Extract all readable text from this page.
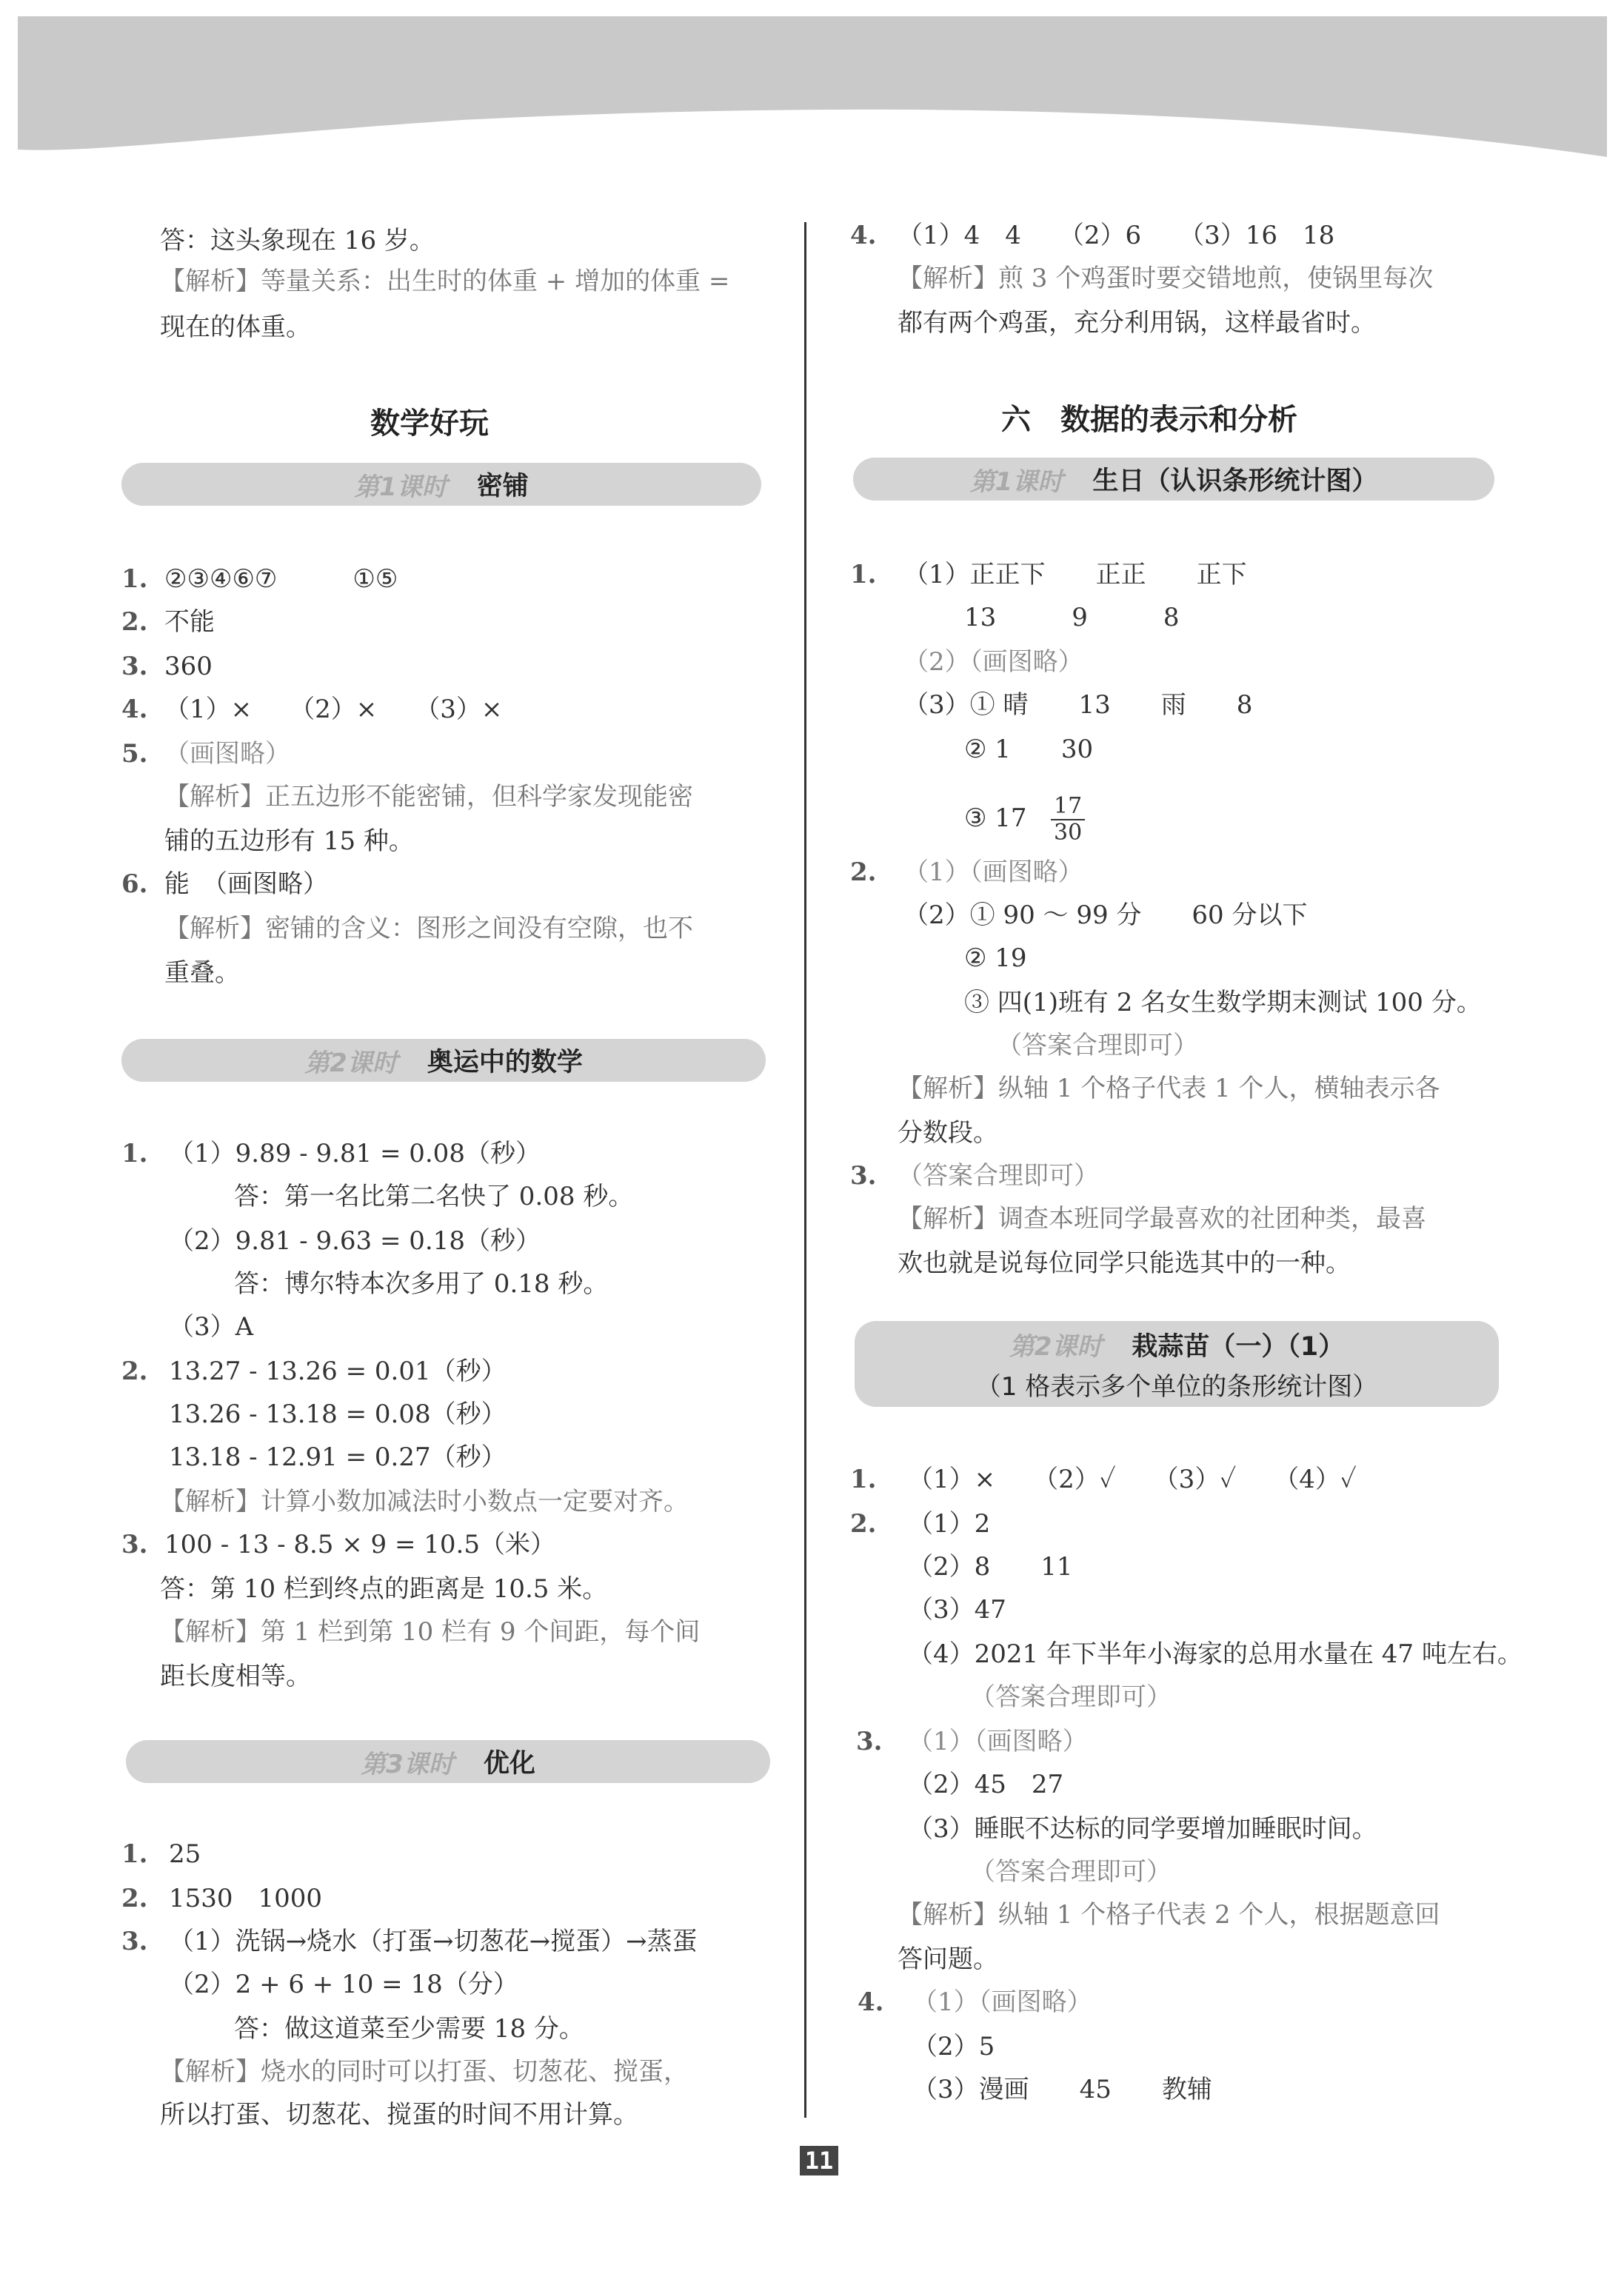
答：这头象现在 16 岁。
【解析】等量关系：出生时的体重 + 增加的体重 =
现在的体重。
数学好玩
第1课时 密铺
1. ②③④⑥⑦　　　①⑤
2. 不能
3. 360
4. （1）×　　（2）×　　（3）×
5. （画图略）
【解析】正五边形不能密铺，但科学家发现能密
铺的五边形有 15 种。
6. 能　（画图略）
【解析】密铺的含义：图形之间没有空隙，也不
重叠。
第2课时 奥运中的数学
1. （1）9.89 - 9.81 = 0.08（秒）
答：第一名比第二名快了 0.08 秒。
（2）9.81 - 9.63 = 0.18（秒）
答：博尔特本次多用了 0.18 秒。
（3）A
2. 13.27 - 13.26 = 0.01（秒）
13.26 - 13.18 = 0.08（秒）
13.18 - 12.91 = 0.27（秒）
【解析】计算小数加减法时小数点一定要对齐。
3. 100 - 13 - 8.5 × 9 = 10.5（米）
答：第 10 栏到终点的距离是 10.5 米。
【解析】第 1 栏到第 10 栏有 9 个间距，每个间
距长度相等。
第3课时 优化
1. 25
2. 1530　1000
3. （1）洗锅→烧水（打蛋→切葱花→搅蛋）→蒸蛋
（2）2 + 6 + 10 = 18（分）
答：做这道菜至少需要 18 分。
【解析】烧水的同时可以打蛋、切葱花、搅蛋，
所以打蛋、切葱花、搅蛋的时间不用计算。
4. （1）4　4　　（2）6　　（3）16　18
【解析】煎 3 个鸡蛋时要交错地煎，使锅里每次
都有两个鸡蛋，充分利用锅，这样最省时。
六　数据的表示和分析
第1课时 生日（认识条形统计图）
1. （1）正正下　　正正　　正下
13　　　9　　　8
（2）（画图略）
（3）① 晴　　13　　雨　　8
② 1　　30
③ $17 \frac{17}{30}$
2. （1）（画图略）
（2）① 90 ～ 99 分　　60 分以下
② 19
③ 四(1)班有 2 名女生数学期末测试 100 分。
（答案合理即可）
【解析】纵轴 1 个格子代表 1 个人，横轴表示各
分数段。
3. （答案合理即可）
【解析】调查本班同学最喜欢的社团种类，最喜
欢也就是说每位同学只能选其中的一种。
第2课时 栽蒜苗（一）（1）
（1 格表示多个单位的条形统计图）
1. （1）×　　（2）✓　　（3）✓　　（4）✓
2. （1）2
（2）8　　11
（3）47
（4）2021 年下半年小海家的总用水量在 47 吨左右。
（答案合理即可）
3. （1）（画图略）
（2）45　27
（3）睡眠不达标的同学要增加睡眠时间。
（答案合理即可）
【解析】纵轴 1 个格子代表 2 个人，根据题意回
答问题。
4. （1）（画图略）
（2）5
（3）漫画　　45　　教辅
11
